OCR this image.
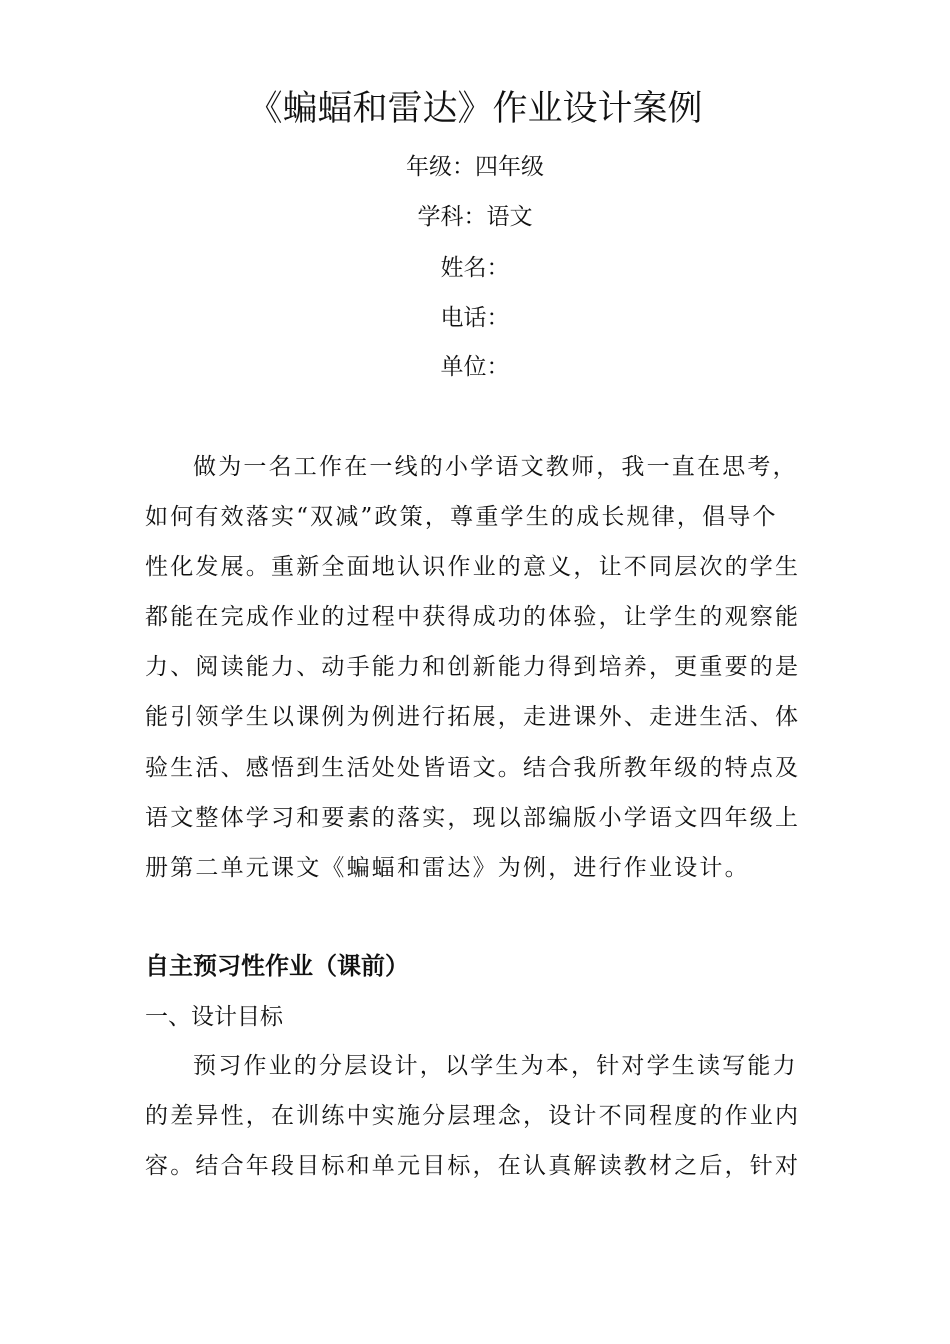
《蝙蝠和雷达》作业设计案例
年级：四年级
学科：语文
姓名：
电话：
单位：
做为一名工作在一线的小学语文教师，我一直在思考，
如何有效落实“双减”政策，尊重学生的成长规律，倡导个
性化发展。重新全面地认识作业的意义，让不同层次的学生
都能在完成作业的过程中获得成功的体验，让学生的观察能
力、阅读能力、动手能力和创新能力得到培养，更重要的是
能引领学生以课例为例进行拓展，走进课外、走进生活、体
验生活、感悟到生活处处皆语文。结合我所教年级的特点及
语文整体学习和要素的落实，现以部编版小学语文四年级上
册第二单元课文《蝙蝠和雷达》为例，进行作业设计。
自主预习性作业（课前）
一、设计目标
预习作业的分层设计，以学生为本，针对学生读写能力
的差异性，在训练中实施分层理念，设计不同程度的作业内
容。结合年段目标和单元目标，在认真解读教材之后，针对
